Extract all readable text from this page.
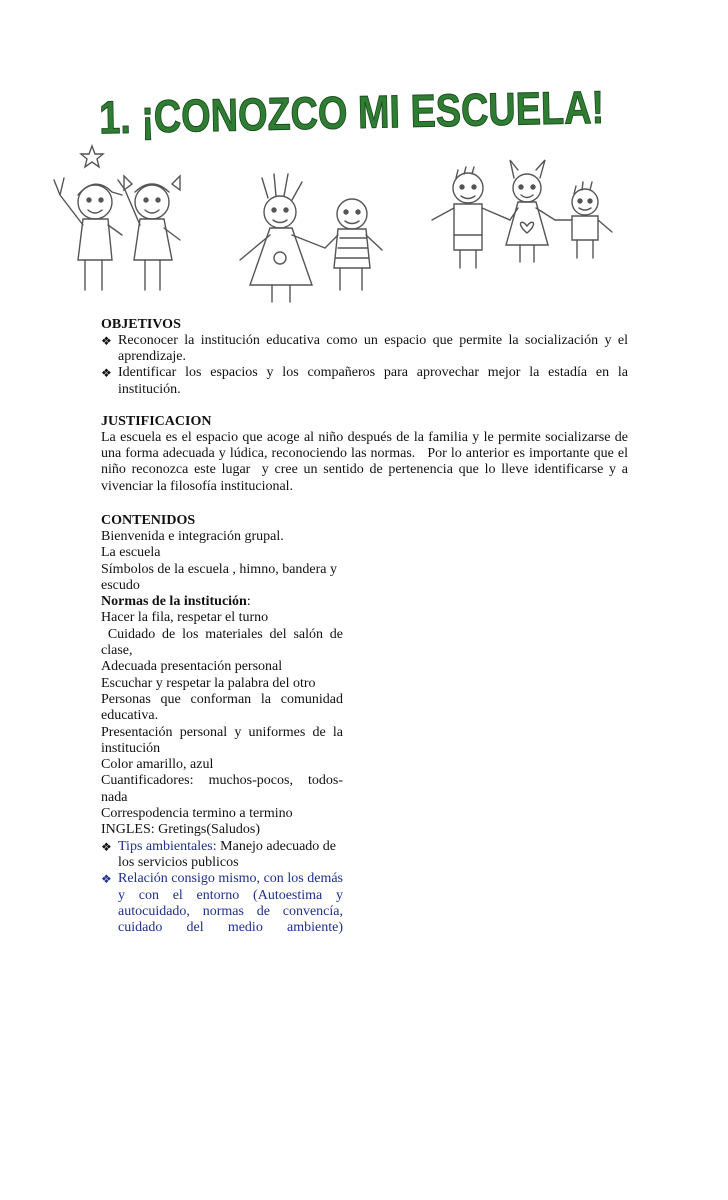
1. ¡CONOZCO MI ESCUELA!

OBJETIVOS

❖ Reconocer la institución educativa como un espacio que permite la socialización y el aprendizaje.
❖ Identificar los espacios y los compañeros para aprovechar mejor la estadía en la institución.

JUSTIFICACION

La escuela es el espacio que acoge al niño después de la familia y le permite socializarse de una forma adecuada y lúdica, reconociendo las normas.   Por lo anterior es importante que el niño reconozca este lugar  y cree un sentido de pertenencia que lo lleve identificarse y a vivenciar la filosofía institucional.

CONTENIDOS

Bienvenida e integración grupal.

La escuela

Símbolos de la escuela , himno, bandera y escudo

Normas de la institución:

Hacer la fila, respetar el turno

Cuidado de los materiales del salón de clase,

Adecuada presentación personal

Escuchar y respetar la palabra del otro

Personas que conforman la comunidad educativa.

Presentación personal y uniformes de la institución

Color amarillo, azul

Cuantificadores: muchos-pocos, todos-nada

Correspodencia termino a termino

INGLES: Gretings(Saludos)

❖ Tips ambientales: Manejo adecuado de los servicios publicos
❖ Relación consigo mismo, con los demás y con el entorno (Autoestima y autocuidado, normas de convencía, cuidado del medio ambiente)
